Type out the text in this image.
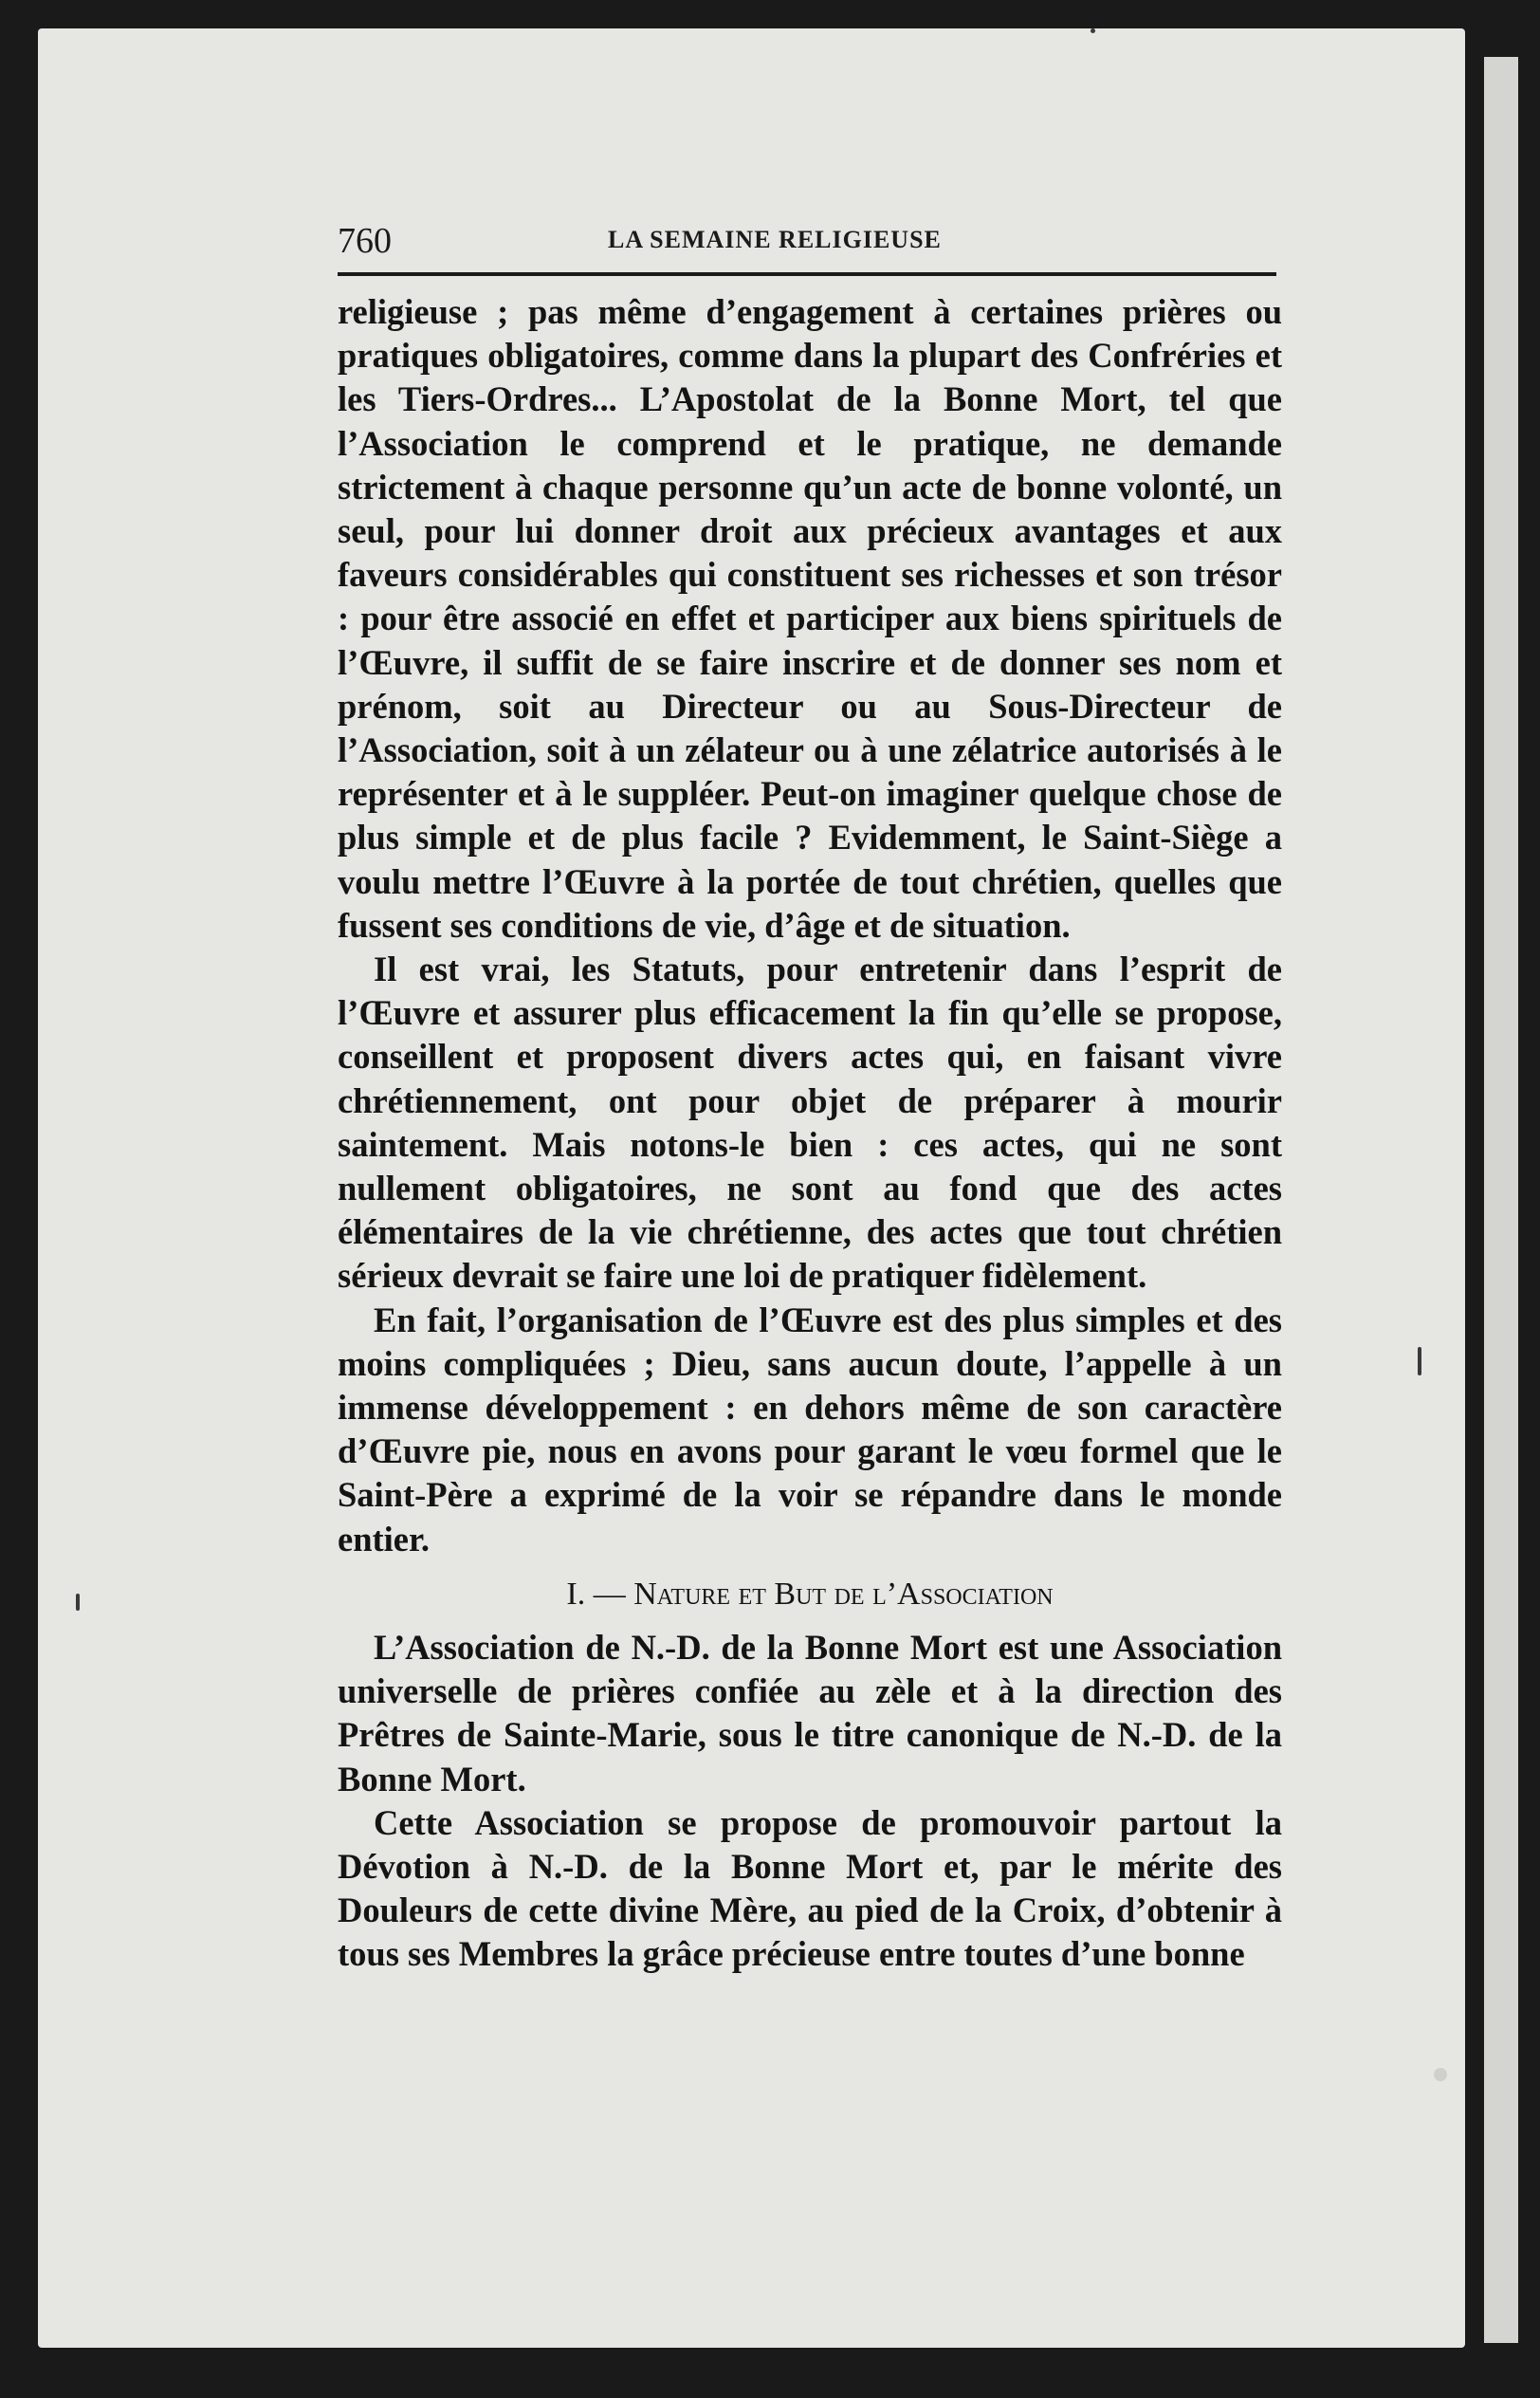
760	LA SEMAINE RELIGIEUSE

religieuse ; pas même d’engagement à certaines prières ou pratiques obligatoires, comme dans la plupart des Confréries et les Tiers-Ordres... L’Apostolat de la Bonne Mort, tel que l’Association le comprend et le pratique, ne demande strictement à chaque personne qu’un acte de bonne volonté, un seul, pour lui donner droit aux précieux avantages et aux faveurs considérables qui constituent ses richesses et son trésor : pour être associé en effet et participer aux biens spirituels de l’Œuvre, il suffit de se faire inscrire et de donner ses nom et prénom, soit au Directeur ou au Sous-Directeur de l’Association, soit à un zélateur ou à une zélatrice autorisés à le représenter et à le suppléer. Peut-on imaginer quelque chose de plus simple et de plus facile ? Evidemment, le Saint-Siège a voulu mettre l’Œuvre à la portée de tout chrétien, quelles que fussent ses conditions de vie, d’âge et de situation.

Il est vrai, les Statuts, pour entretenir dans l’esprit de l’Œuvre et assurer plus efficacement la fin qu’elle se propose, conseillent et proposent divers actes qui, en faisant vivre chrétiennement, ont pour objet de préparer à mourir saintement. Mais notons-le bien : ces actes, qui ne sont nullement obligatoires, ne sont au fond que des actes élémentaires de la vie chrétienne, des actes que tout chrétien sérieux devrait se faire une loi de pratiquer fidèlement.

En fait, l’organisation de l’Œuvre est des plus simples et des moins compliquées ; Dieu, sans aucun doute, l’appelle à un immense développement : en dehors même de son caractère d’Œuvre pie, nous en avons pour garant le vœu formel que le Saint-Père a exprimé de la voir se répandre dans le monde entier.

I. — Nature et But de l’Association

L’Association de N.-D. de la Bonne Mort est une Association universelle de prières confiée au zèle et à la direction des Prêtres de Sainte-Marie, sous le titre canonique de N.-D. de la Bonne Mort.

Cette Association se propose de promouvoir partout la Dévotion à N.-D. de la Bonne Mort et, par le mérite des Douleurs de cette divine Mère, au pied de la Croix, d’obtenir à tous ses Membres la grâce précieuse entre toutes d’une bonne
